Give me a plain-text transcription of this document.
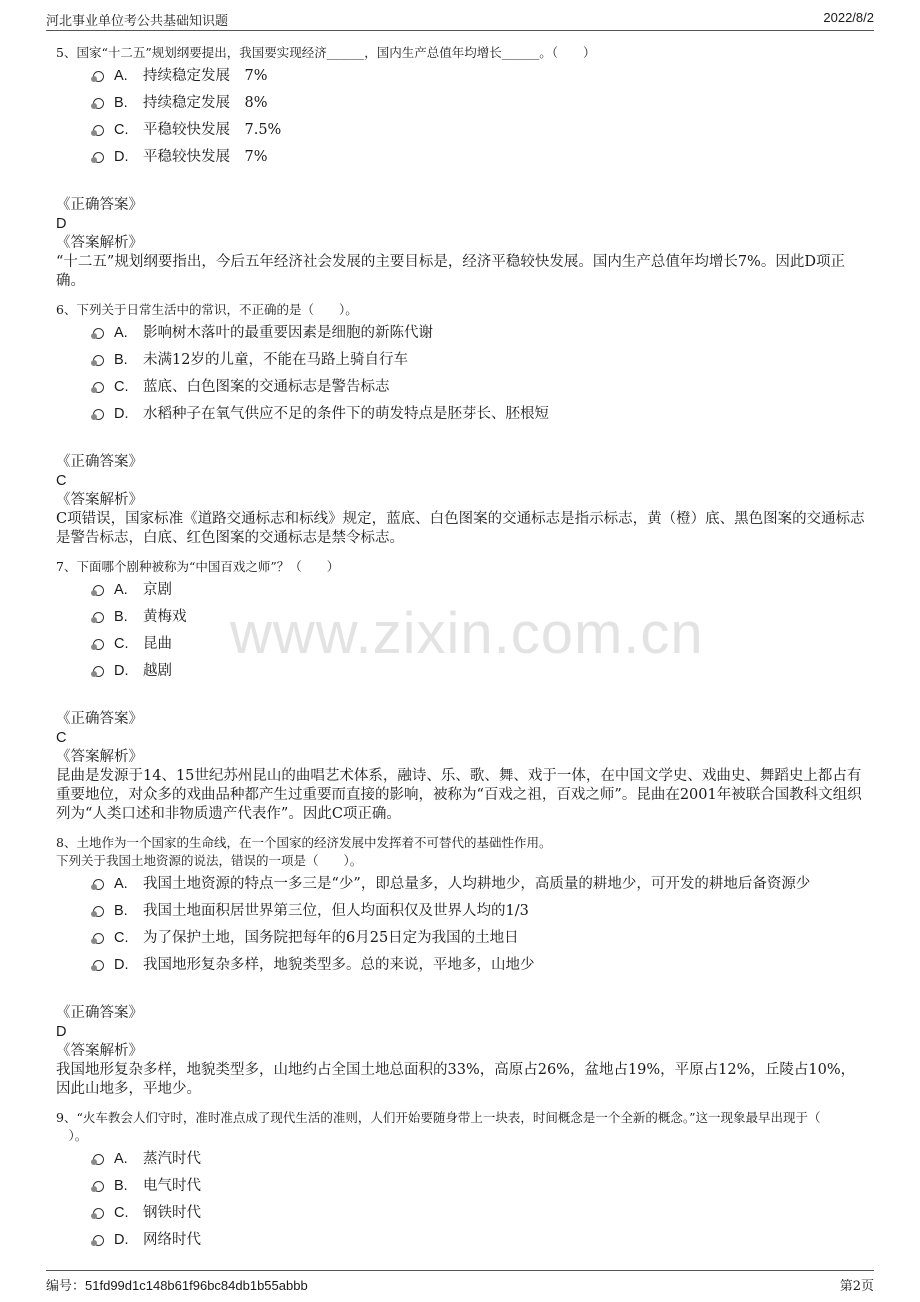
河北事业单位考公共基础知识题	2022/8/2
www.zixin.com.cn
5、国家“十二五”规划纲要提出，我国要实现经济______，国内生产总值年均增长______。（　　）
A. 持续稳定发展　7%
B. 持续稳定发展　8%
C. 平稳较快发展　7.5%
D. 平稳较快发展　7%
《正确答案》
D
《答案解析》
“十二五”规划纲要指出，今后五年经济社会发展的主要目标是，经济平稳较快发展。国内生产总值年均增长7%。因此D项正确。
6、下列关于日常生活中的常识，不正确的是（　　）。
A. 影响树木落叶的最重要因素是细胞的新陈代谢
B. 未满12岁的儿童，不能在马路上骑自行车
C. 蓝底、白色图案的交通标志是警告标志
D. 水稻种子在氧气供应不足的条件下的萌发特点是胚芽长、胚根短
《正确答案》
C
《答案解析》
C项错误，国家标准《道路交通标志和标线》规定，蓝底、白色图案的交通标志是指示标志，黄（橙）底、黑色图案的交通标志是警告标志，白底、红色图案的交通标志是禁令标志。
7、下面哪个剧种被称为“中国百戏之师”？（　　）
A. 京剧
B. 黄梅戏
C. 昆曲
D. 越剧
《正确答案》
C
《答案解析》
昆曲是发源于14、15世纪苏州昆山的曲唱艺术体系，融诗、乐、歌、舞、戏于一体，在中国文学史、戏曲史、舞蹈史上都占有重要地位，对众多的戏曲品种都产生过重要而直接的影响，被称为“百戏之祖，百戏之师”。昆曲在2001年被联合国教科文组织列为“人类口述和非物质遗产代表作”。因此C项正确。
8、土地作为一个国家的生命线，在一个国家的经济发展中发挥着不可替代的基础性作用。
下列关于我国土地资源的说法，错误的一项是（　　）。
A. 我国土地资源的特点一多三是“少”，即总量多，人均耕地少，高质量的耕地少，可开发的耕地后备资源少
B. 我国土地面积居世界第三位，但人均面积仅及世界人均的1/3
C. 为了保护土地，国务院把每年的6月25日定为我国的土地日
D. 我国地形复杂多样，地貌类型多。总的来说，平地多，山地少
《正确答案》
D
《答案解析》
我国地形复杂多样，地貌类型多，山地约占全国土地总面积的33%，高原占26%，盆地占19%，平原占12%，丘陵占10%，因此山地多，平地少。
9、“火车教会人们守时，准时准点成了现代生活的准则，人们开始要随身带上一块表，时间概念是一个全新的概念。”这一现象最早出现于（
　）。
A. 蒸汽时代
B. 电气时代
C. 钢铁时代
D. 网络时代
编号：51fd99d1c148b61f96bc84db1b55abbb	第2页
